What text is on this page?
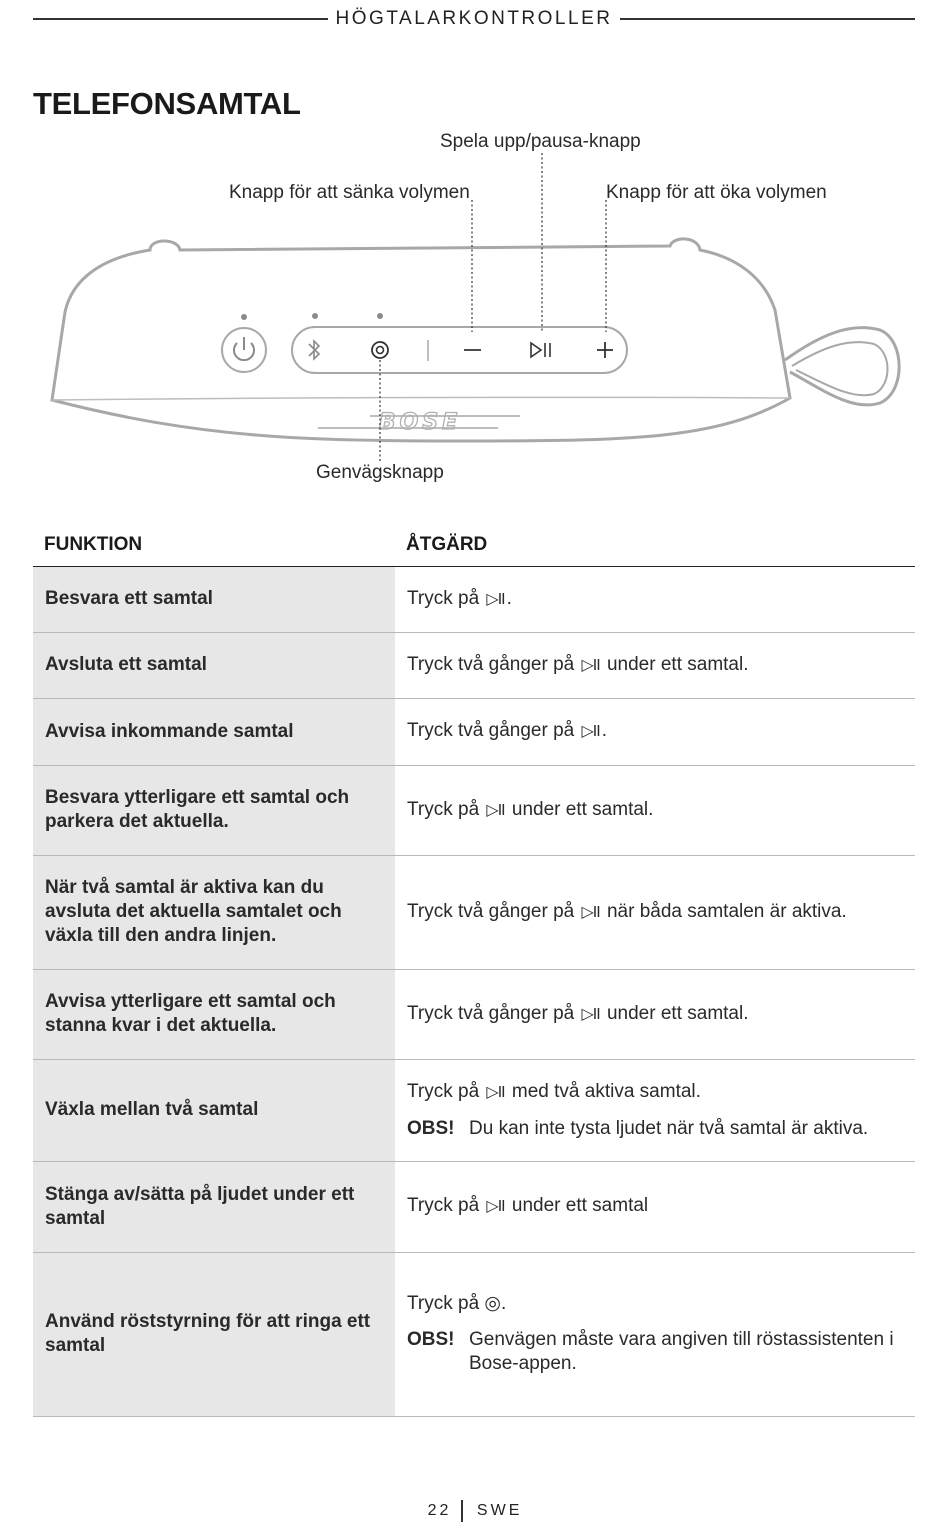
HÖGTALARKONTROLLER
TELEFONSAMTAL
BOSE
Spela upp/pausa-knapp
Knapp för att sänka volymen	Knapp för att öka volymen
Genvägsknapp
FUNKTION	ÅTGÄRD
Besvara ett samtal	Tryck på ▷II .
Avsluta ett samtal	Tryck två gånger på ▷II under ett samtal.
Avvisa inkommande samtal	Tryck två gånger på ▷II .
Besvara ytterligare ett samtal och parkera det aktuella.	Tryck på ▷II under ett samtal.
När två samtal är aktiva kan du avsluta det aktuella samtalet och växla till den andra linjen.	Tryck två gånger på ▷II när båda samtalen är aktiva.
Avvisa ytterligare ett samtal och stanna kvar i det aktuella.	Tryck två gånger på ▷II under ett samtal.
Växla mellan två samtal	Tryck på ▷II med två aktiva samtal.
OBS! Du kan inte tysta ljudet när två samtal är aktiva.

Stänga av/sätta på ljudet under ett samtal	Tryck på ▷II under ett samtal
Använd röststyrning för att ringa ett samtal	Tryck på ◎.
OBS! Genvägen måste vara angiven till röstassistenten i Bose-appen.
22 SWE
